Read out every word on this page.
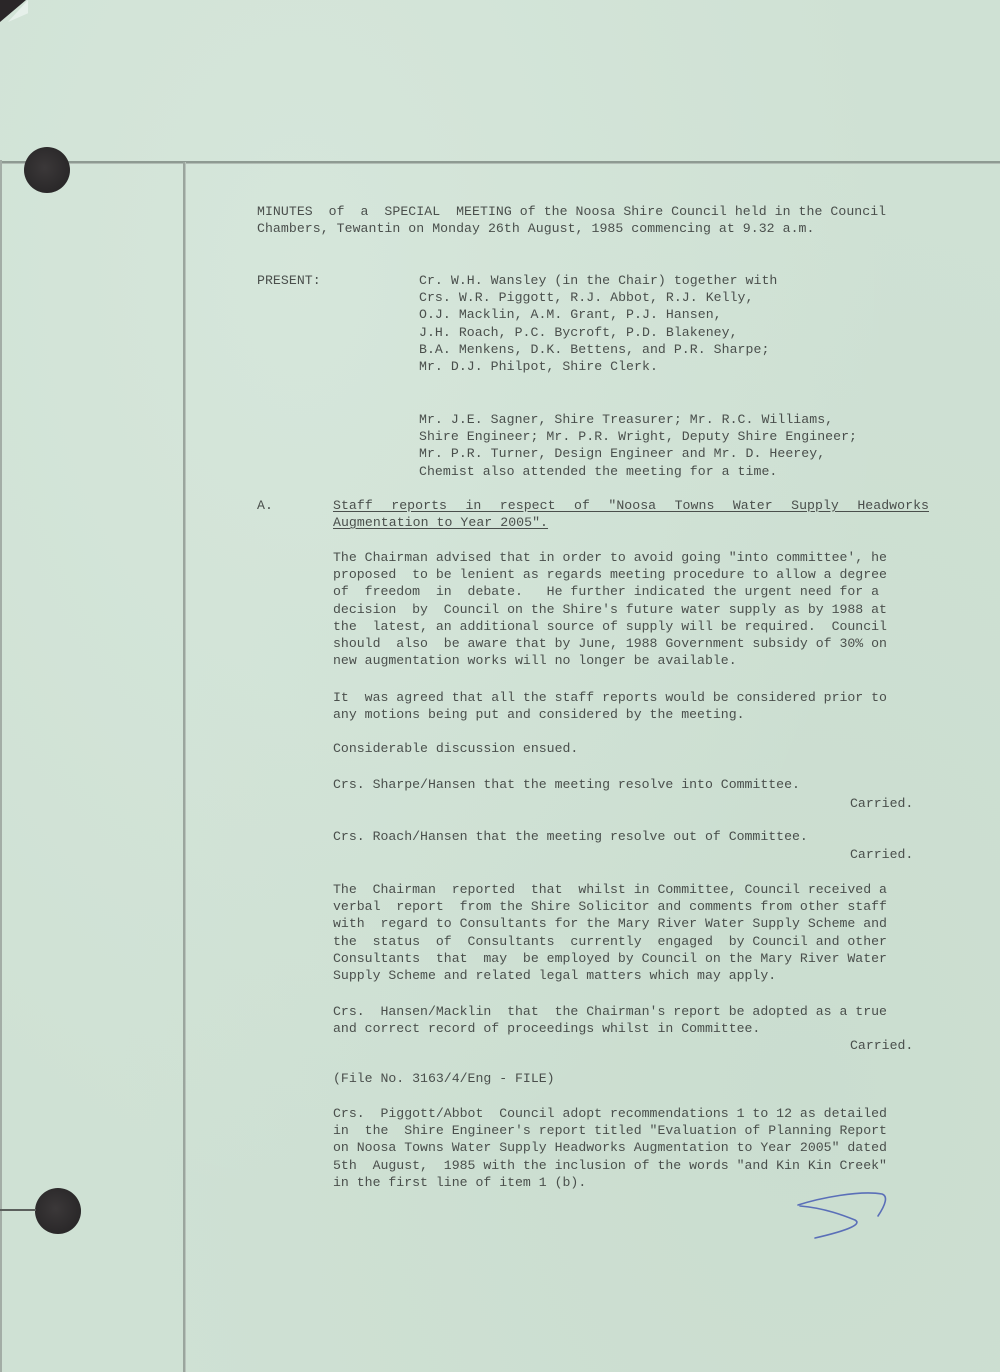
MINUTES  of  a  SPECIAL  MEETING of the Noosa Shire Council held in the Council
Chambers, Tewantin on Monday 26th August, 1985 commencing at 9.32 a.m.
PRESENT:	Cr. W.H. Wansley (in the Chair) together with
Crs. W.R. Piggott, R.J. Abbot, R.J. Kelly,
O.J. Macklin, A.M. Grant, P.J. Hansen,
J.H. Roach, P.C. Bycroft, P.D. Blakeney,
B.A. Menkens, D.K. Bettens, and P.R. Sharpe;
Mr. D.J. Philpot, Shire Clerk.
Mr. J.E. Sagner, Shire Treasurer; Mr. R.C. Williams,
Shire Engineer; Mr. P.R. Wright, Deputy Shire Engineer;
Mr. P.R. Turner, Design Engineer and Mr. D. Heerey,
Chemist also attended the meeting for a time.
A.	Staff reports in respect of "Noosa Towns Water Supply Headworks
Augmentation to Year 2005".
The Chairman advised that in order to avoid going "into committee', he
proposed  to be lenient as regards meeting procedure to allow a degree
of  freedom  in  debate.   He further indicated the urgent need for a
decision  by  Council on the Shire's future water supply as by 1988 at
the  latest, an additional source of supply will be required.  Council
should  also  be aware that by June, 1988 Government subsidy of 30% on
new augmentation works will no longer be available.
It  was agreed that all the staff reports would be considered prior to
any motions being put and considered by the meeting.
Considerable discussion ensued.
Crs. Sharpe/Hansen that the meeting resolve into Committee.
Carried.
Crs. Roach/Hansen that the meeting resolve out of Committee.
Carried.
The  Chairman  reported  that  whilst in Committee, Council received a
verbal  report  from the Shire Solicitor and comments from other staff
with  regard to Consultants for the Mary River Water Supply Scheme and
the  status  of  Consultants  currently  engaged  by Council and other
Consultants  that  may  be employed by Council on the Mary River Water
Supply Scheme and related legal matters which may apply.
Crs.  Hansen/Macklin  that  the Chairman's report be adopted as a true
and correct record of proceedings whilst in Committee.
Carried.
(File No. 3163/4/Eng - FILE)
Crs.  Piggott/Abbot  Council adopt recommendations 1 to 12 as detailed
in  the  Shire Engineer's report titled "Evaluation of Planning Report
on Noosa Towns Water Supply Headworks Augmentation to Year 2005" dated
5th  August,  1985 with the inclusion of the words "and Kin Kin Creek"
in the first line of item 1 (b).
